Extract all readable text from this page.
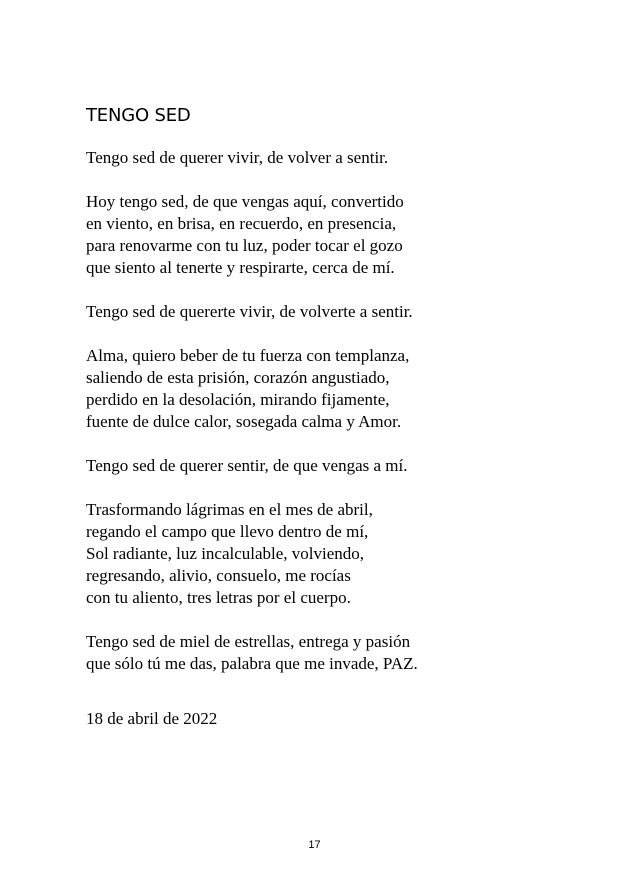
TENGO SED

Tengo sed de querer vivir, de volver a sentir.

Hoy tengo sed, de que vengas aquí, convertido
en viento, en brisa, en recuerdo, en presencia,
para renovarme con tu luz, poder tocar el gozo
que siento al tenerte y respirarte, cerca de mí.

Tengo sed de quererte vivir, de volverte a sentir.

Alma, quiero beber de tu fuerza con templanza,
saliendo de esta prisión, corazón angustiado,
perdido en la desolación, mirando fijamente,
fuente de dulce calor, sosegada calma y Amor.

Tengo sed de querer sentir, de que vengas a mí.

Trasformando lágrimas en el mes de abril,
regando el campo que llevo dentro de mí,
Sol radiante, luz incalculable, volviendo,
regresando, alivio, consuelo, me rocías
con tu aliento, tres letras por el cuerpo.

Tengo sed de miel de estrellas, entrega y pasión
que sólo tú me das, palabra que me invade, PAZ.

18 de abril de 2022
17
